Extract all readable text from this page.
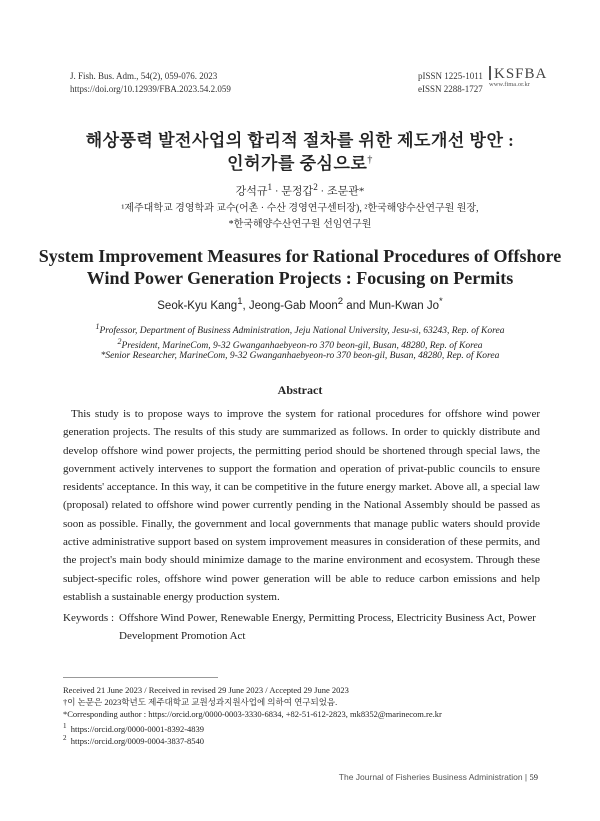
J. Fish. Bus. Adm., 54(2), 059-076. 2023
https://doi.org/10.12939/FBA.2023.54.2.059
pISSN 1225-1011
eISSN 2288-1727
KSFBA
www.fima.or.kr
해상풍력 발전사업의 합리적 절차를 위한 제도개선 방안 :
인허가를 중심으로†
강석규$^1$ · 문정갑$^2$ · 조문관*
¹제주대학교 경영학과 교수(어촌 · 수산 경영연구센터장), ²한국해양수산연구원 원장,
*한국해양수산연구원 선임연구원
System Improvement Measures for Rational Procedures of Offshore
Wind Power Generation Projects : Focusing on Permits
Seok-Kyu Kang$^1$, Jeong-Gab Moon$^2$ and Mun-Kwan Jo*
$^1$Professor, Department of Business Administration, Jeju National University, Jesu-si, 63243, Rep. of Korea
$^2$President, MarineCom, 9-32 Gwanganhaebyeon-ro 370 beon-gil, Busan, 48280, Rep. of Korea
*Senior Researcher, MarineCom, 9-32 Gwanganhaebyeon-ro 370 beon-gil, Busan, 48280, Rep. of Korea
Abstract

This study is to propose ways to improve the system for rational procedures for offshore wind power generation projects. The results of this study are summarized as follows. In order to quickly distribute and develop offshore wind power projects, the permitting period should be shortened through special laws, the government actively intervenes to support the formation and operation of privat-public councils to ensure residents' acceptance. In this way, it can be competitive in the future energy market. Above all, a special law (proposal) related to offshore wind power currently pending in the National Assembly should be passed as soon as possible. Finally, the government and local governments that manage public waters should provide active administrative support based on system improvement measures in consideration of these permits, and the project's main body should minimize damage to the marine environment and ecosystem. Through these subject-specific roles, offshore wind power generation will be able to reduce carbon emissions and help establish a sustainable energy production system.

Keywords : Offshore Wind Power, Renewable Energy, Permitting Process, Electricity Business Act, Power Development Promotion Act
Received 21 June 2023 / Received in revised 29 June 2023 / Accepted 29 June 2023
†이 논문은 2023학년도 제주대학교 교원성과지원사업에 의하여 연구되었음.
*Corresponding author : https://orcid.org/0000-0003-3330-6834, +82-51-612-2823, mk8352@marinecom.re.kr
$^1$ https://orcid.org/0000-0001-8392-4839
$^2$ https://orcid.org/0009-0004-3837-8540
The Journal of Fisheries Business Administration | 59
